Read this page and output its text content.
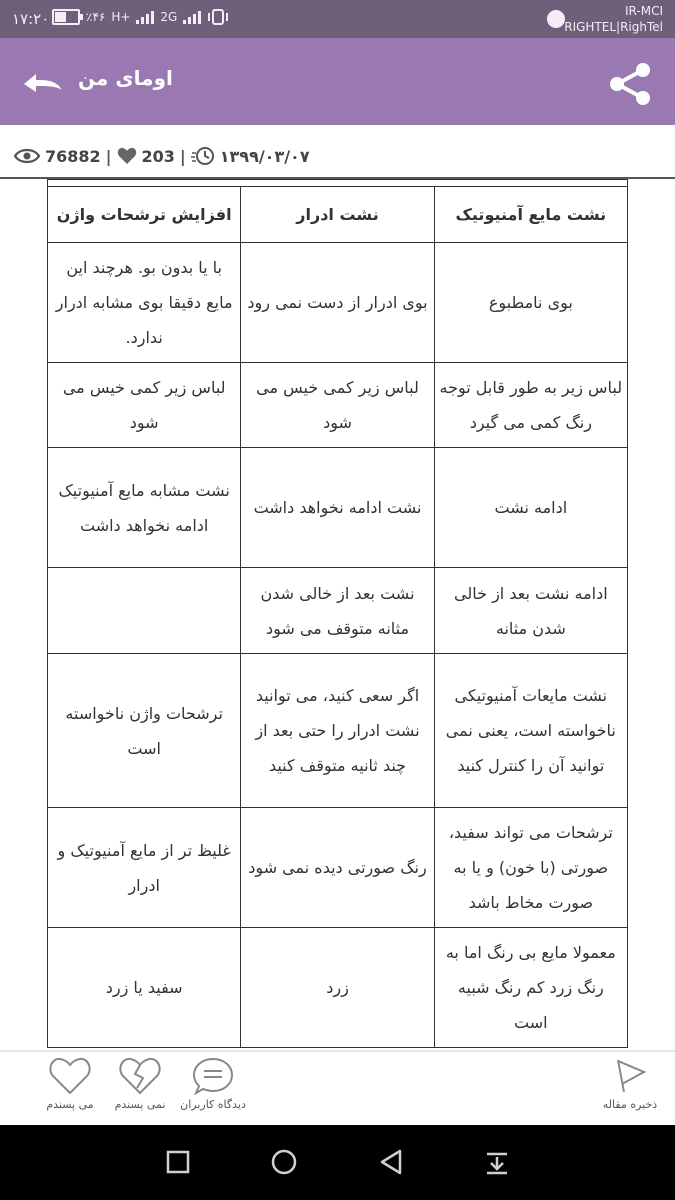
۱۷:۲۰	٪۴۶ H+	2G	IR-MCI
RIGHTEL|RighTel
اومای من
76882 | 203 | ۱۳۹۹/۰۳/۰۷

نشت مایع آمنیوتیک	نشت ادرار	افزایش ترشحات واژن
بوی نامطبوع	بوی ادرار از دست نمی رود	با یا بدون بو. هرچند این مایع دقیقا بوی مشابه ادرار ندارد.
لباس زیر به طور قابل توجه رنگ کمی می گیرد	لباس زیر کمی خیس می شود	لباس زیر کمی خیس می شود
ادامه نشت	نشت ادامه نخواهد داشت	نشت مشابه مایع آمنیوتیک ادامه نخواهد داشت
ادامه نشت بعد از خالی شدن مثانه	نشت بعد از خالی شدن مثانه متوقف می شود	
نشت مایعات آمنیوتیکی ناخواسته است، یعنی نمی توانید آن را کنترل کنید	اگر سعی کنید، می توانید نشت ادرار را حتی بعد از چند ثانیه متوقف کنید	ترشحات واژن ناخواسته است
ترشحات می تواند سفید، صورتی (با خون) و یا به صورت مخاط باشد	رنگ صورتی دیده نمی شود	غلیظ تر از مایع آمنیوتیک و ادرار
معمولا مایع بی رنگ اما به رنگ زرد کم رنگ شبیه است	زرد	سفید یا زرد
می پسندم	نمی پسندم	دیدگاه کاربران	ذخیره مقاله
